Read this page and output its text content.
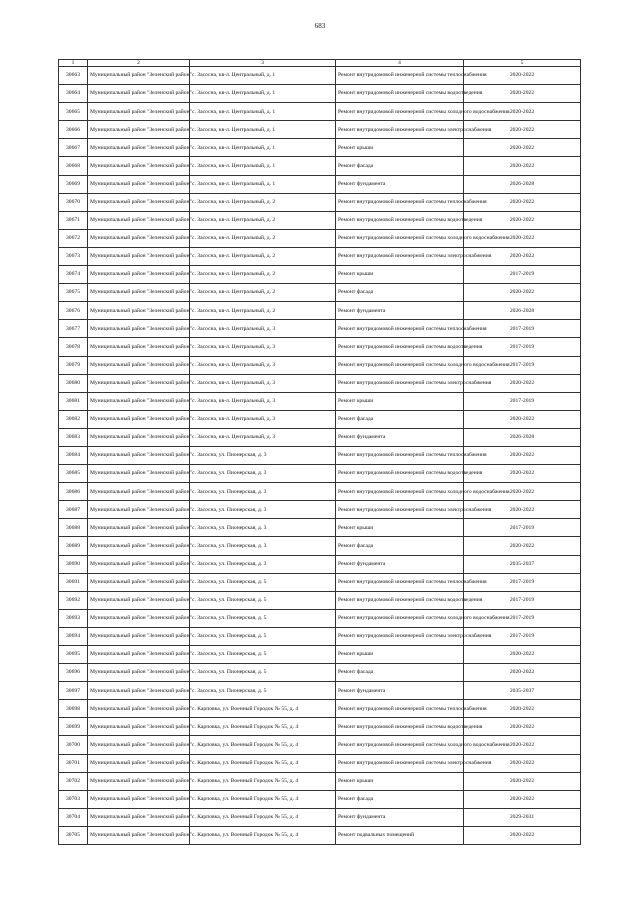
683
1	2	3	4	5
30663	Муниципальный район "Зеленский район"	с. Засосна, кв-л. Центральный, д. 1	Ремонт внутридомовой инженерной системы теплоснабжения	2020-2022
30664	Муниципальный район "Зеленский район"	с. Засосна, кв-л. Центральный, д. 1	Ремонт внутридомовой инженерной системы водоотведения	2020-2022
30665	Муниципальный район "Зеленский район"	с. Засосна, кв-л. Центральный, д. 1	Ремонт внутридомовой инженерной системы холодного водоснабжения	2020-2022
30666	Муниципальный район "Зеленский район"	с. Засосна, кв-л. Центральный, д. 1	Ремонт внутридомовой инженерной системы электроснабжения	2020-2022
30667	Муниципальный район "Зеленский район"	с. Засосна, кв-л. Центральный, д. 1	Ремонт крыши	2020-2022
30668	Муниципальный район "Зеленский район"	с. Засосна, кв-л. Центральный, д. 1	Ремонт фасада	2020-2022
30669	Муниципальный район "Зеленский район"	с. Засосна, кв-л. Центральный, д. 1	Ремонт фундамента	2026-2028
30670	Муниципальный район "Зеленский район"	с. Засосна, кв-л. Центральный, д. 2	Ремонт внутридомовой инженерной системы теплоснабжения	2020-2022
30671	Муниципальный район "Зеленский район"	с. Засосна, кв-л. Центральный, д. 2	Ремонт внутридомовой инженерной системы водоотведения	2020-2022
30672	Муниципальный район "Зеленский район"	с. Засосна, кв-л. Центральный, д. 2	Ремонт внутридомовой инженерной системы холодного водоснабжения	2020-2022
30673	Муниципальный район "Зеленский район"	с. Засосна, кв-л. Центральный, д. 2	Ремонт внутридомовой инженерной системы электроснабжения	2020-2022
30674	Муниципальный район "Зеленский район"	с. Засосна, кв-л. Центральный, д. 2	Ремонт крыши	2017-2019
30675	Муниципальный район "Зеленский район"	с. Засосна, кв-л. Центральный, д. 2	Ремонт фасада	2020-2022
30676	Муниципальный район "Зеленский район"	с. Засосна, кв-л. Центральный, д. 2	Ремонт фундамента	2026-2028
30677	Муниципальный район "Зеленский район"	с. Засосна, кв-л. Центральный, д. 3	Ремонт внутридомовой инженерной системы теплоснабжения	2017-2019
30678	Муниципальный район "Зеленский район"	с. Засосна, кв-л. Центральный, д. 3	Ремонт внутридомовой инженерной системы водоотведения	2017-2019
30679	Муниципальный район "Зеленский район"	с. Засосна, кв-л. Центральный, д. 3	Ремонт внутридомовой инженерной системы холодного водоснабжения	2017-2019
30680	Муниципальный район "Зеленский район"	с. Засосна, кв-л. Центральный, д. 3	Ремонт внутридомовой инженерной системы электроснабжения	2020-2022
30681	Муниципальный район "Зеленский район"	с. Засосна, кв-л. Центральный, д. 3	Ремонт крыши	2017-2019
30682	Муниципальный район "Зеленский район"	с. Засосна, кв-л. Центральный, д. 3	Ремонт фасада	2020-2022
30683	Муниципальный район "Зеленский район"	с. Засосна, кв-л. Центральный, д. 3	Ремонт фундамента	2026-2028
30684	Муниципальный район "Зеленский район"	с. Засосна, ул. Пионерская, д. 3	Ремонт внутридомовой инженерной системы теплоснабжения	2020-2022
30685	Муниципальный район "Зеленский район"	с. Засосна, ул. Пионерская, д. 3	Ремонт внутридомовой инженерной системы водоотведения	2020-2022
30686	Муниципальный район "Зеленский район"	с. Засосна, ул. Пионерская, д. 3	Ремонт внутридомовой инженерной системы холодного водоснабжения	2020-2022
30687	Муниципальный район "Зеленский район"	с. Засосна, ул. Пионерская, д. 3	Ремонт внутридомовой инженерной системы электроснабжения	2020-2022
30688	Муниципальный район "Зеленский район"	с. Засосна, ул. Пионерская, д. 3	Ремонт крыши	2017-2019
30689	Муниципальный район "Зеленский район"	с. Засосна, ул. Пионерская, д. 3	Ремонт фасада	2020-2022
30690	Муниципальный район "Зеленский район"	с. Засосна, ул. Пионерская, д. 3	Ремонт фундамента	2035-2037
30691	Муниципальный район "Зеленский район"	с. Засосна, ул. Пионерская, д. 5	Ремонт внутридомовой инженерной системы теплоснабжения	2017-2019
30692	Муниципальный район "Зеленский район"	с. Засосна, ул. Пионерская, д. 5	Ремонт внутридомовой инженерной системы водоотведения	2017-2019
30693	Муниципальный район "Зеленский район"	с. Засосна, ул. Пионерская, д. 5	Ремонт внутридомовой инженерной системы холодного водоснабжения	2017-2019
30694	Муниципальный район "Зеленский район"	с. Засосна, ул. Пионерская, д. 5	Ремонт внутридомовой инженерной системы электроснабжения	2017-2019
30695	Муниципальный район "Зеленский район"	с. Засосна, ул. Пионерская, д. 5	Ремонт крыши	2020-2022
30696	Муниципальный район "Зеленский район"	с. Засосна, ул. Пионерская, д. 5	Ремонт фасада	2020-2022
30697	Муниципальный район "Зеленский район"	с. Засосна, ул. Пионерская, д. 5	Ремонт фундамента	2035-2037
30698	Муниципальный район "Зеленский район"	с. Карповка, ул. Военный Городок № 55, д. 4	Ремонт внутридомовой инженерной системы теплоснабжения	2020-2022
30699	Муниципальный район "Зеленский район"	с. Карповка, ул. Военный Городок № 55, д. 4	Ремонт внутридомовой инженерной системы водоотведения	2020-2022
30700	Муниципальный район "Зеленский район"	с. Карповка, ул. Военный Городок № 55, д. 4	Ремонт внутридомовой инженерной системы холодного водоснабжения	2020-2022
30701	Муниципальный район "Зеленский район"	с. Карповка, ул. Военный Городок № 55, д. 4	Ремонт внутридомовой инженерной системы электроснабжения	2020-2022
30702	Муниципальный район "Зеленский район"	с. Карповка, ул. Военный Городок № 55, д. 4	Ремонт крыши	2020-2022
30703	Муниципальный район "Зеленский район"	с. Карповка, ул. Военный Городок № 55, д. 4	Ремонт фасада	2020-2022
30704	Муниципальный район "Зеленский район"	с. Карповка, ул. Военный Городок № 55, д. 4	Ремонт фундамента	2029-2031
30705	Муниципальный район "Зеленский район"	с. Карповка, ул. Военный Городок № 55, д. 4	Ремонт подвальных помещений	2020-2022
